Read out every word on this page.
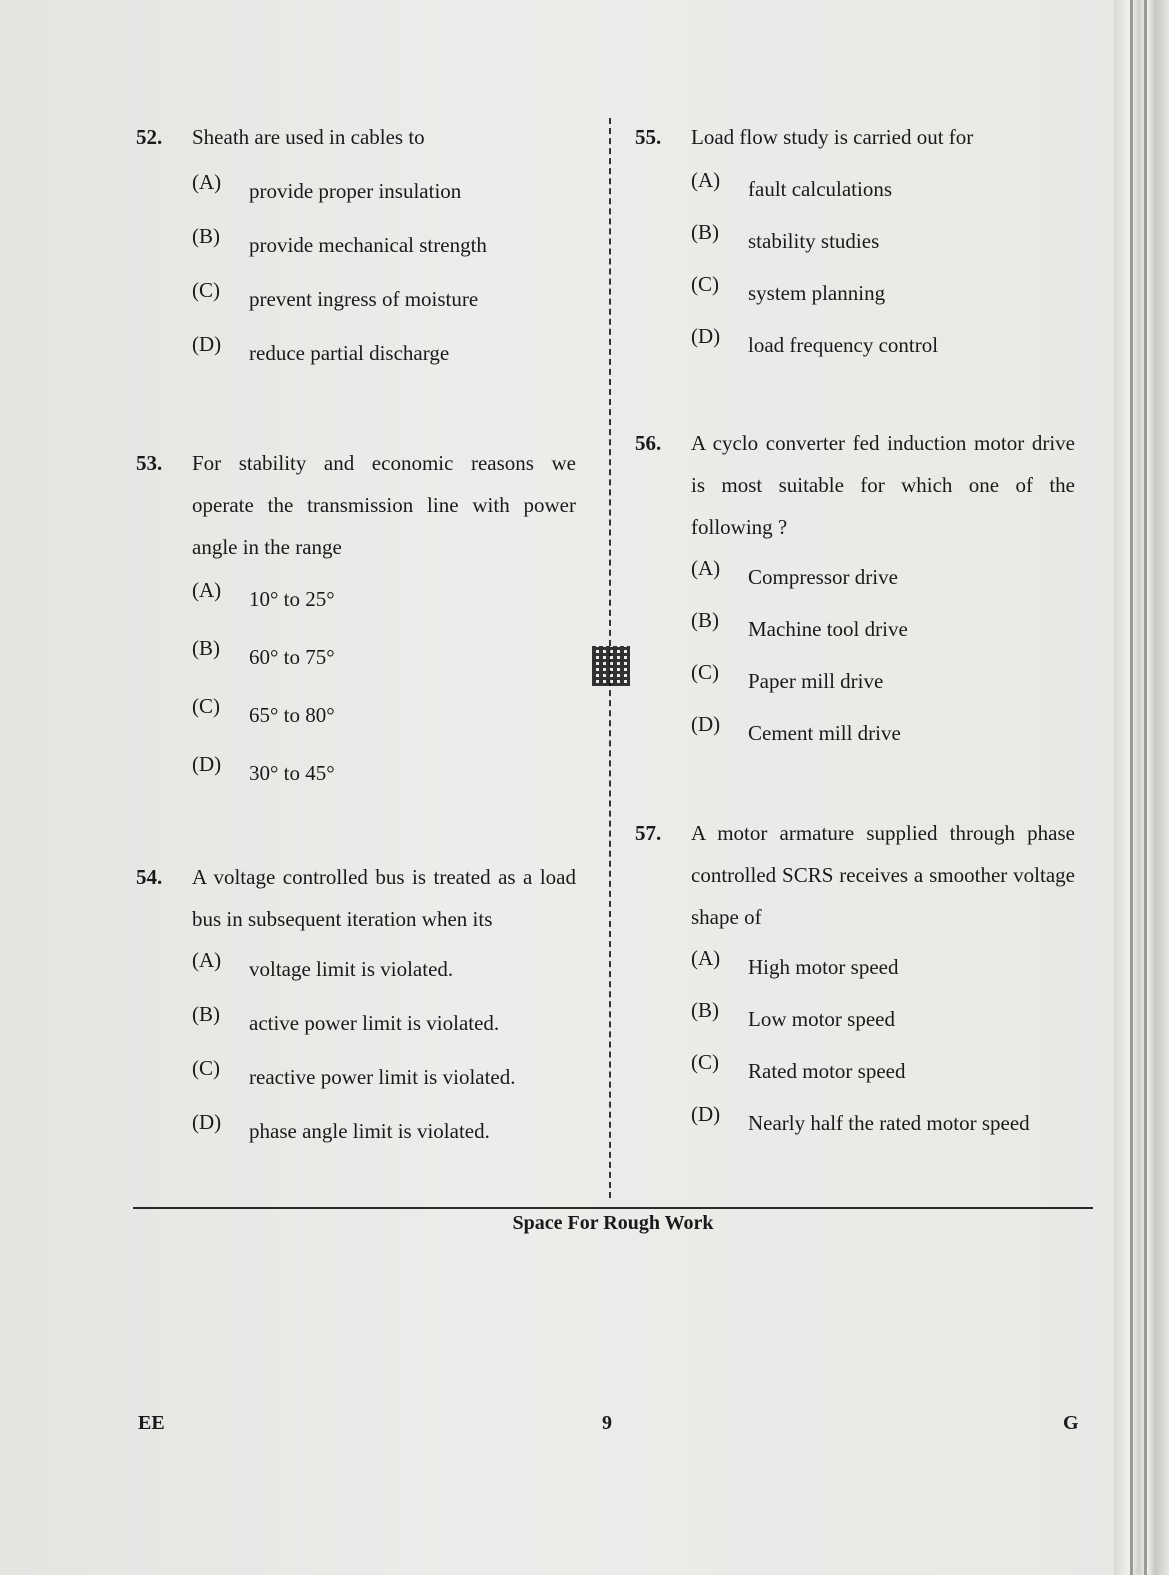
52. Sheath are used in cables to
(A) provide proper insulation
(B) provide mechanical strength
(C) prevent ingress of moisture
(D) reduce partial discharge
53. For stability and economic reasons we operate the transmission line with power angle in the range
(A) 10° to 25°
(B) 60° to 75°
(C) 65° to 80°
(D) 30° to 45°
54. A voltage controlled bus is treated as a load bus in subsequent iteration when its
(A) voltage limit is violated.
(B) active power limit is violated.
(C) reactive power limit is violated.
(D) phase angle limit is violated.
55. Load flow study is carried out for
(A) fault calculations
(B) stability studies
(C) system planning
(D) load frequency control
56. A cyclo converter fed induction motor drive is most suitable for which one of the following ?
(A) Compressor drive
(B) Machine tool drive
(C) Paper mill drive
(D) Cement mill drive
57. A motor armature supplied through phase controlled SCRS receives a smoother voltage shape of
(A) High motor speed
(B) Low motor speed
(C) Rated motor speed
(D) Nearly half the rated motor speed
Space For Rough Work
EE	9	G
